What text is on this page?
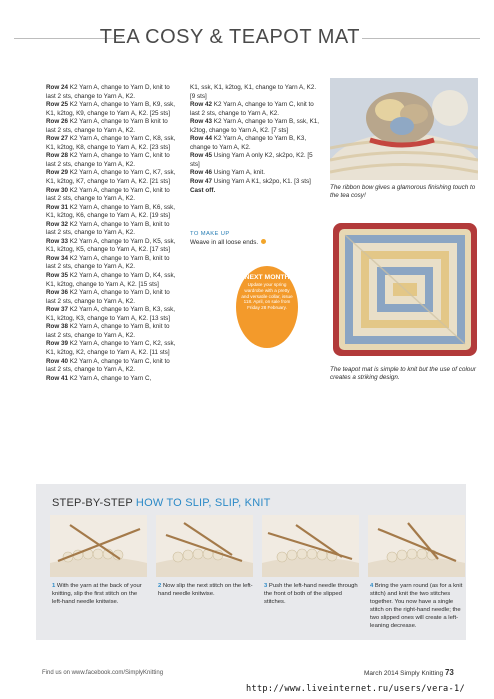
TEA COSY & TEAPOT MAT

Row 24 K2 Yarn A, change to Yarn D, knit to last 2 sts, change to Yarn A, K2.

Row 25 K2 Yarn A, change to Yarn B, K9, ssk, K1, k2tog, K9, change to Yarn A, K2. [25 sts]

Row 26 K2 Yarn A, change to Yarn B knit to last 2 sts, change to Yarn A, K2.

Row 27 K2 Yarn A, change to Yarn C, K8, ssk, K1, k2tog, K8, change to Yarn A, K2. [23 sts]

Row 28 K2 Yarn A, change to Yarn C, knit to last 2 sts, change to Yarn A, K2.

Row 29 K2 Yarn A, change to Yarn C, K7, ssk, K1, k2tog, K7, change to Yarn A, K2. [21 sts]

Row 30 K2 Yarn A, change to Yarn C, knit to last 2 sts, change to Yarn A, K2.

Row 31 K2 Yarn A, change to Yarn B, K6, ssk, K1, k2tog, K6, change to Yarn A, K2. [19 sts]

Row 32 K2 Yarn A, change to Yarn B, knit to last 2 sts, change to Yarn A, K2.

Row 33 K2 Yarn A, change to Yarn D, K5, ssk, K1, k2tog, K5, change to Yarn A, K2. [17 sts]

Row 34 K2 Yarn A, change to Yarn B, knit to last 2 sts, change to Yarn A, K2.

Row 35 K2 Yarn A, change to Yarn D, K4, ssk, K1, k2tog, change to Yarn A, K2. [15 sts]

Row 36 K2 Yarn A, change to Yarn D, knit to last 2 sts, change to Yarn A, K2.

Row 37 K2 Yarn A, change to Yarn B, K3, ssk, K1, k2tog, K3, change to Yarn A, K2. [13 sts]

Row 38 K2 Yarn A, change to Yarn B, knit to last 2 sts, change to Yarn A, K2.

Row 39 K2 Yarn A, change to Yarn C, K2, ssk, K1, k2tog, K2, change to Yarn A, K2. [11 sts]

Row 40 K2 Yarn A, change to Yarn C, knit to last 2 sts, change to Yarn A, K2.

Row 41 K2 Yarn A, change to Yarn C,

K1, ssk, K1, k2tog, K1, change to Yarn A, K2. [9 sts]

Row 42 K2 Yarn A, change to Yarn C, knit to last 2 sts, change to Yarn A, K2.

Row 43 K2 Yarn A, change to Yarn B, ssk, K1, k2tog, change to Yarn A, K2. [7 sts]

Row 44 K2 Yarn A, change to Yarn B, K3, change to Yarn A, K2.

Row 45 Using Yarn A only K2, sk2po, K2. [5 sts]

Row 46 Using Yarn A, knit.

Row 47 Using Yarn A K1, sk2po, K1. [3 sts]

Cast off.

TO MAKE UP
Weave in all loose ends.
NEXT MONTH
Update your spring wardrobe with a pretty and versatile collar, issue 118. April, on sale from Friday 28 February.
The ribbon bow gives a glamorous finishing touch to the tea cosy!
The teapot mat is simple to knit but the use of colour creates a striking design.
STEP-BY-STEP HOW TO SLIP, SLIP, KNIT
1 With the yarn at the back of your knitting, slip the first stitch on the left-hand needle knitwise.
2 Now slip the next stitch on the left-hand needle knitwise.
3 Push the left-hand needle through the front of both of the slipped stitches.
4 Bring the yarn round (as for a knit stitch) and knit the two stitches together. You now have a single stitch on the right-hand needle; the two slipped ones will create a left-leaning decrease.
Find us on www.facebook.com/SimplyKnitting	March 2014 Simply Knitting 73
http://www.liveinternet.ru/users/vera-1/
